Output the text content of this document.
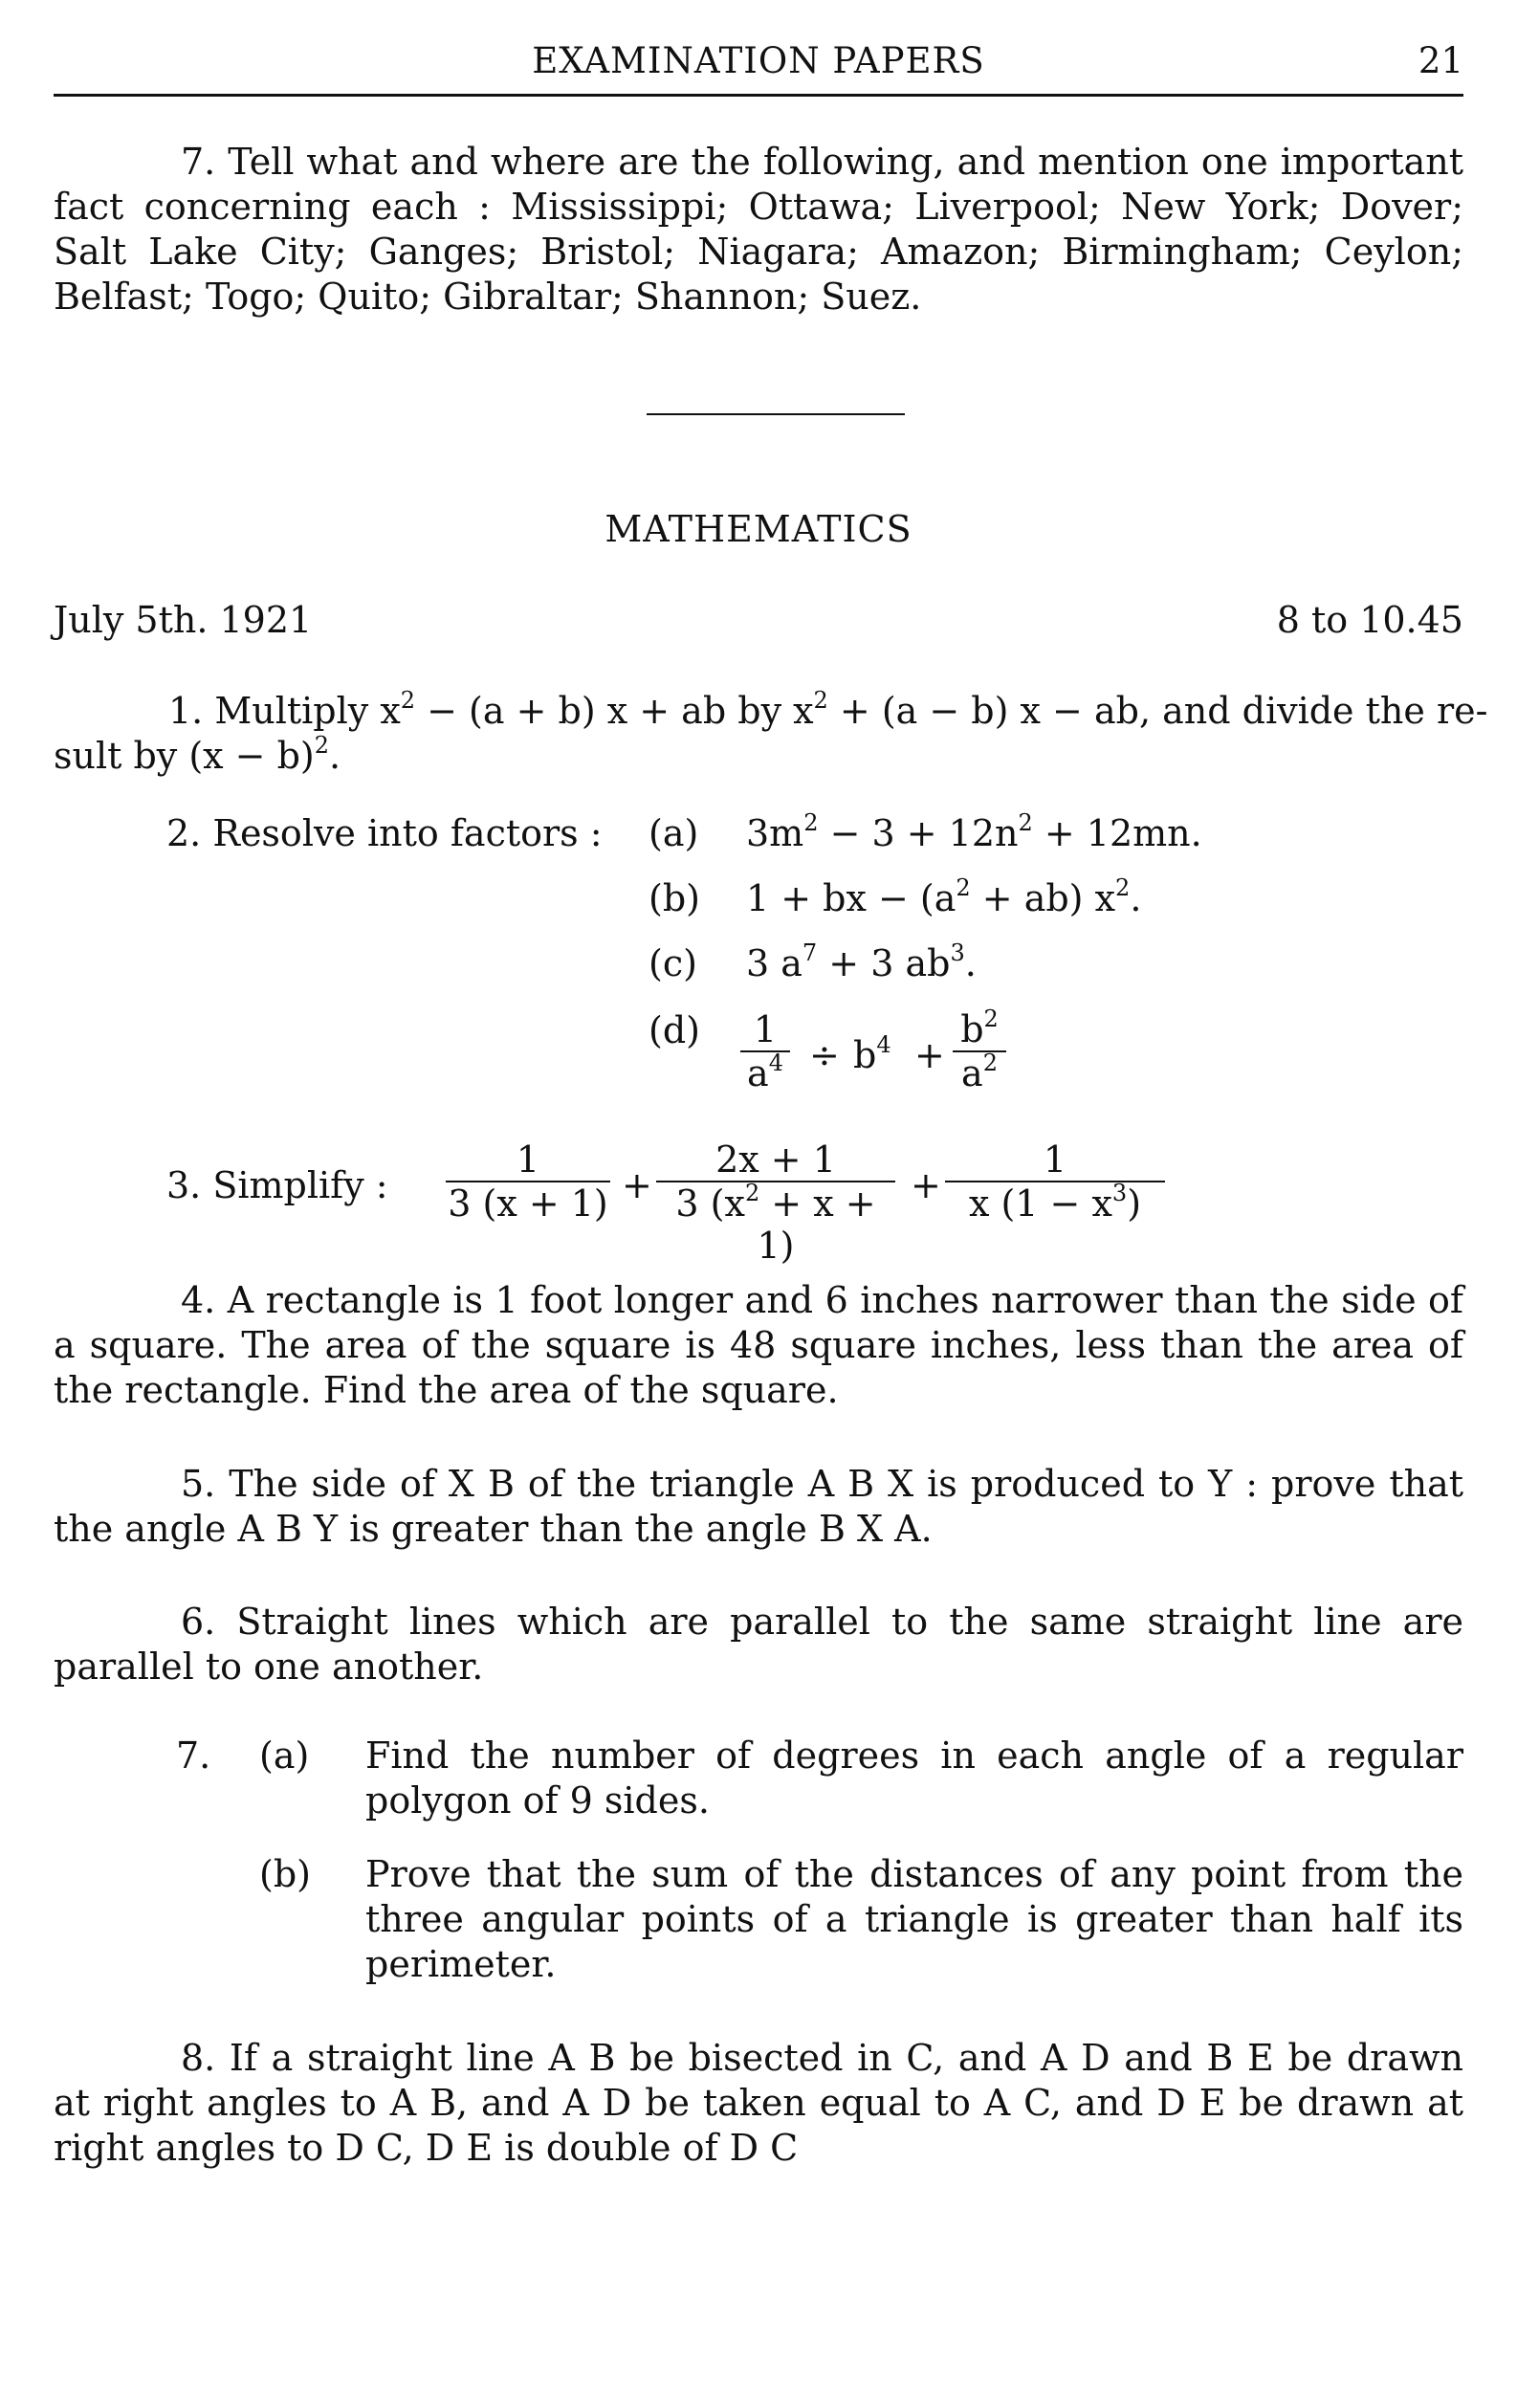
EXAMINATION PAPERS	21

7. Tell what and where are the following, and mention one important fact concerning each : Mississippi; Ottawa; Liverpool; New York; Dover; Salt Lake City; Ganges; Bristol; Niagara; Amazon; Birmingham; Ceylon; Belfast; Togo; Quito; Gibraltar; Shannon; Suez.

MATHEMATICS
July 5th. 1921	8 to 10.45
1. Multiply $x^2 - (a + b) x$ + ab by $x^2 + (a - b) x$ − ab, and divide the re-
sult by $(x - b)^2$.
2. Resolve into factors : (a) $3m^2 - 3 + 12n^2 + 12mn$.
(b) 1 + bx − $(a^2 + ab)$ $x^2$.
(c) 3 $a^7 + 3$ $ab^3$.
$(d) \frac{1}{a^4} \div b^4 + \frac{b^2}{a^2}$
3. Simplify : $\frac{1}{3 (x + 1)} + \frac{2x + 1}{3 (x^2 + x + 1)} + \frac{1}{x (1 - x^3)}$

4. A rectangle is 1 foot longer and 6 inches narrower than the side of a square. The area of the square is 48 square inches, less than the area of the rectangle. Find the area of the square.

5. The side of X B of the triangle A B X is produced to Y : prove that the angle A B Y is greater than the angle B X A.

6. Straight lines which are parallel to the same straight line are parallel to one another.

7. (a) Find the number of degrees in each angle of a regular polygon of 9 sides.
(b) Prove that the sum of the distances of any point from the three angular points of a triangle is greater than half its perimeter.

8. If a straight line A B be bisected in C, and A D and B E be drawn at right angles to A B, and A D be taken equal to A C, and D E be drawn at right angles to D C, D E is double of D C
